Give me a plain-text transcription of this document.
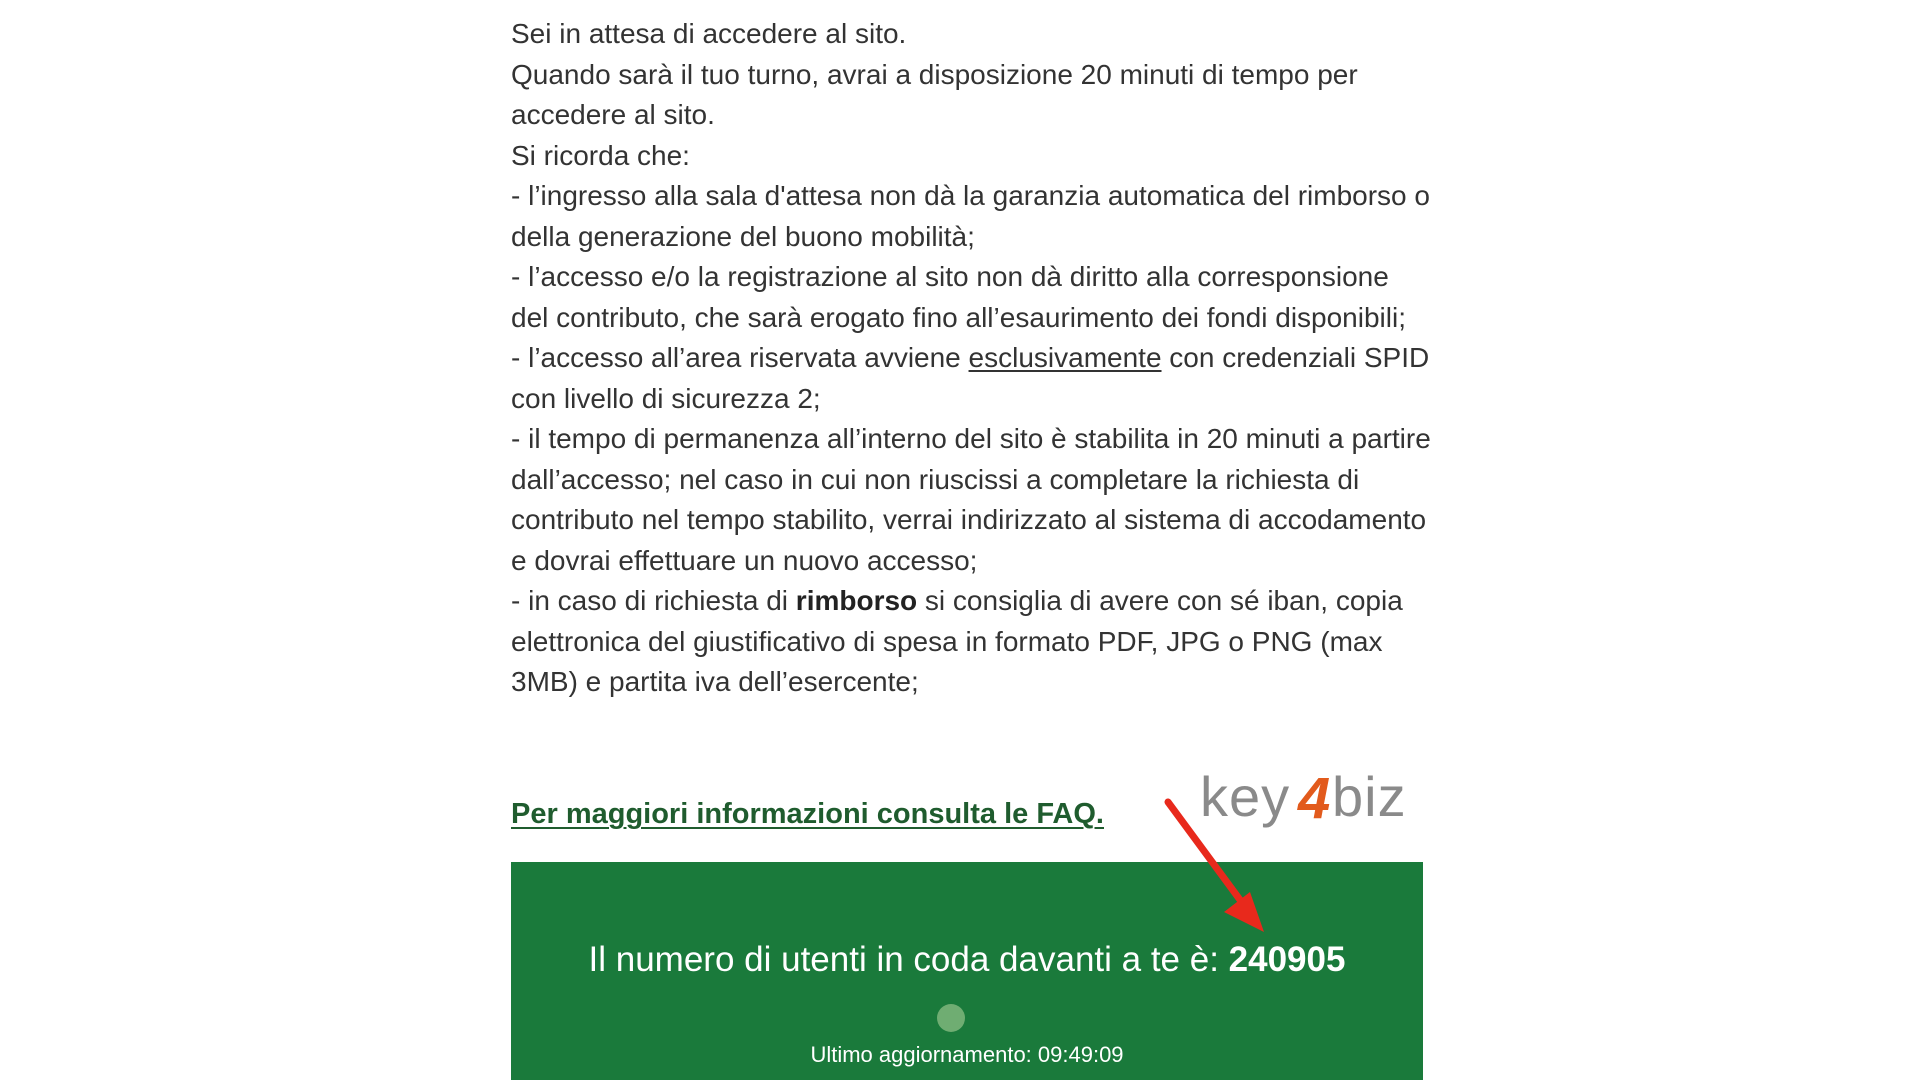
Sei in attesa di accedere al sito.

Quando sarà il tuo turno, avrai a disposizione 20 minuti di tempo per accedere al sito.

Si ricorda che:

- l’ingresso alla sala d'attesa non dà la garanzia automatica del rimborso o della generazione del buono mobilità;

- l’accesso e/o la registrazione al sito non dà diritto alla corresponsione del contributo, che sarà erogato fino all’esaurimento dei fondi disponibili;

- l’accesso all’area riservata avviene esclusivamente con credenziali SPID con livello di sicurezza 2;

- il tempo di permanenza all’interno del sito è stabilita in 20 minuti a partire dall’accesso; nel caso in cui non riuscissi a completare la richiesta di contributo nel tempo stabilito, verrai indirizzato al sistema di accodamento e dovrai effettuare un nuovo accesso;

- in caso di richiesta di rimborso si consiglia di avere con sé iban, copia elettronica del giustificativo di spesa in formato PDF, JPG o PNG (max 3MB) e partita iva dell’esercente;

Per maggiori informazioni consulta le FAQ.
Il numero di utenti in coda davanti a te è: 240905
Ultimo aggiornamento: 09:49:09
key 4 biz
